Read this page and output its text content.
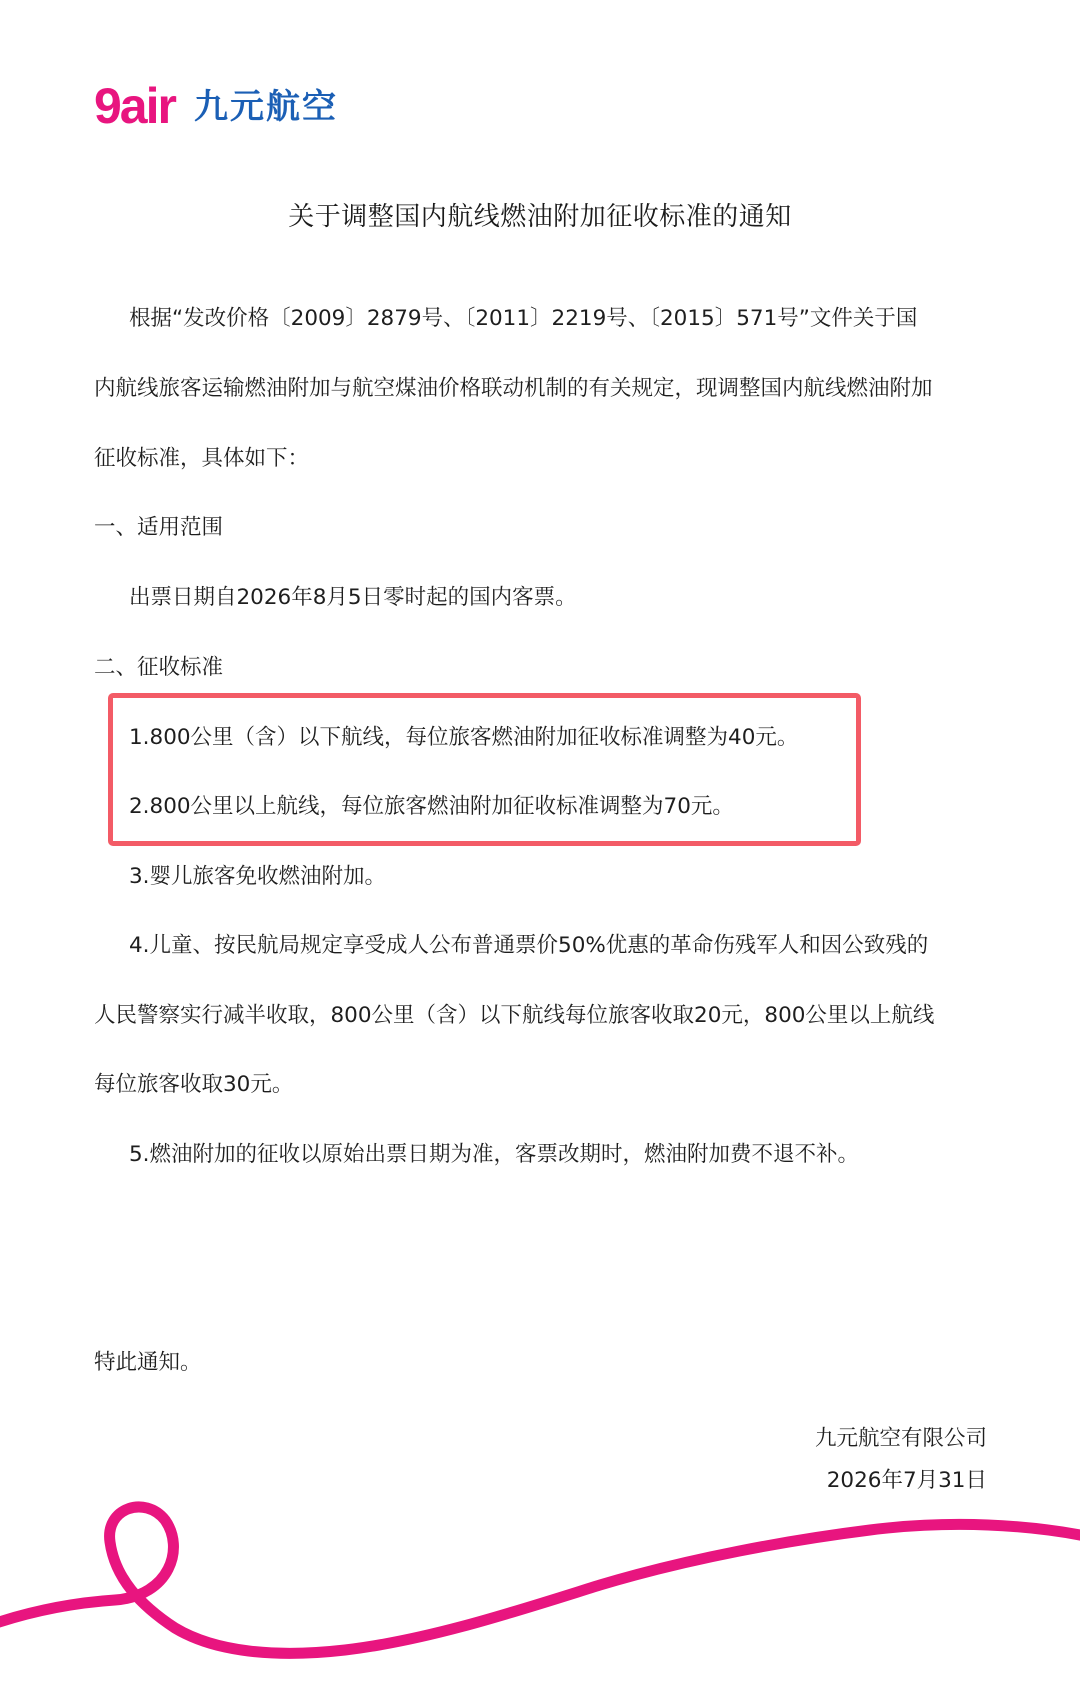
9air 九元航空
关于调整国内航线燃油附加征收标准的通知
根据“发改价格〔2009〕2879号、〔2011〕2219号、〔2015〕571号”文件关于国
内航线旅客运输燃油附加与航空煤油价格联动机制的有关规定，现调整国内航线燃油附加
征收标准，具体如下：
一、适用范围
出票日期自2026年8月5日零时起的国内客票。
二、征收标准
1.800公里（含）以下航线，每位旅客燃油附加征收标准调整为40元。
2.800公里以上航线，每位旅客燃油附加征收标准调整为70元。
3.婴儿旅客免收燃油附加。
4.儿童、按民航局规定享受成人公布普通票价50%优惠的革命伤残军人和因公致残的
人民警察实行减半收取，800公里（含）以下航线每位旅客收取20元，800公里以上航线
每位旅客收取30元。
5.燃油附加的征收以原始出票日期为准，客票改期时，燃油附加费不退不补。
特此通知。
九元航空有限公司
2026年7月31日
